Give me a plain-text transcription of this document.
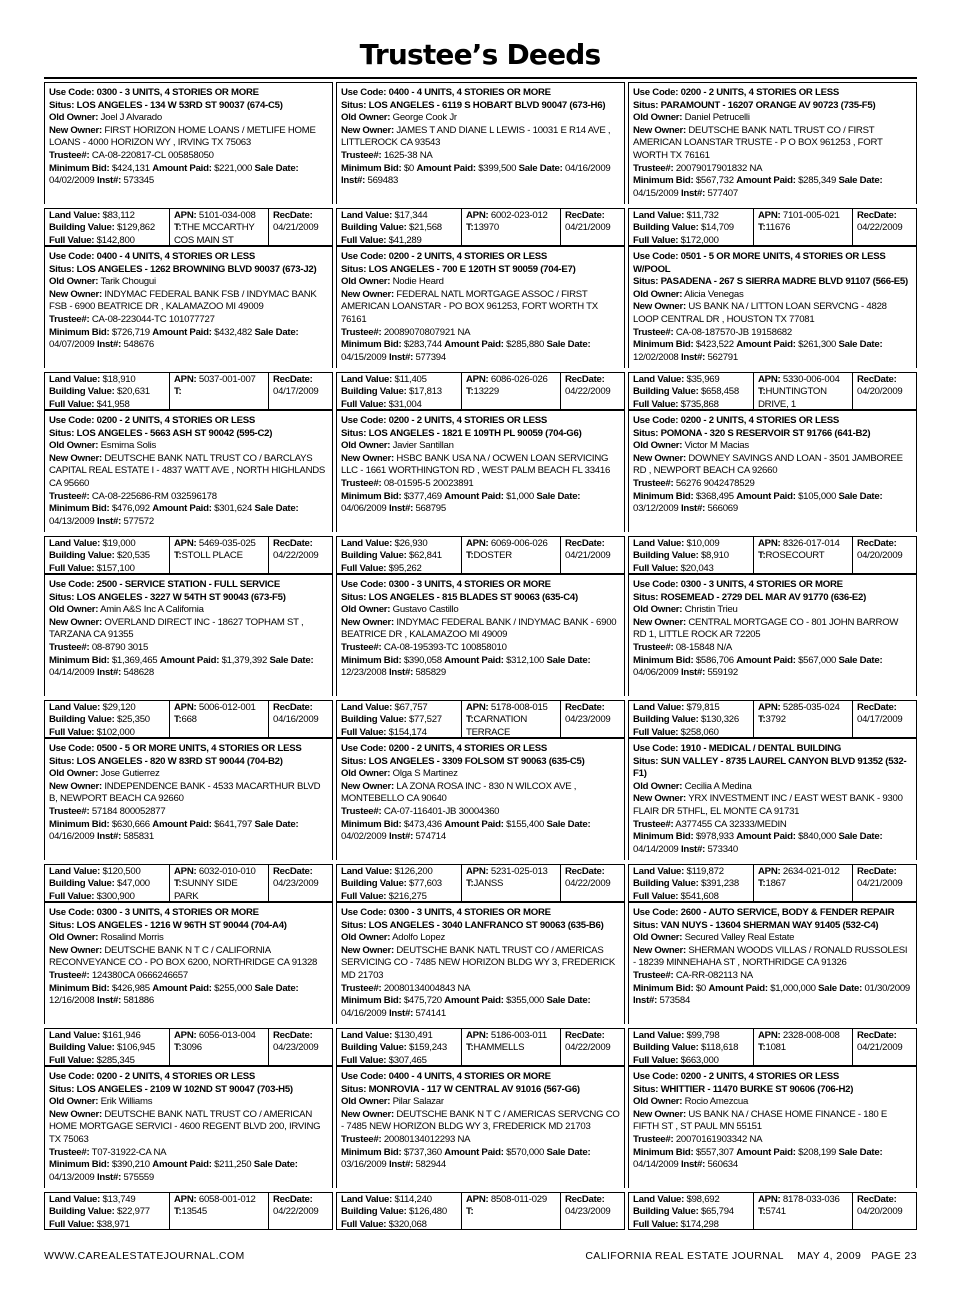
Trustee’s Deeds
Use Code: 0300 - 3 UNITS, 4 STORIES OR MORE
Situs: LOS ANGELES - 134 W 53RD ST 90037 (674-C5)
Old Owner: Joel J Alvarado
New Owner: FIRST HORIZON HOME LOANS / METLIFE HOME LOANS - 4000 HORIZON WY , IRVING TX 75063
Trustee#: CA-08-220817-CL 005858050
Minimum Bid: $424,131 Amount Paid: $221,000 Sale Date: 04/02/2009 Inst#: 573345
Land Value: $83,112
Building Value: $129,862
Full Value: $142,800
APN: 5101-034-008
T:THE MCCARTHY COS MAIN ST
RecDate:
04/21/2009
Use Code: 0400 - 4 UNITS, 4 STORIES OR MORE
Situs: LOS ANGELES - 6119 S HOBART BLVD 90047 (673-H6)
Old Owner: George Cook Jr
New Owner: JAMES T AND DIANE L LEWIS - 10031 E R14 AVE , LITTLEROCK CA 93543
Trustee#: 1625-38 NA
Minimum Bid: $0 Amount Paid: $399,500 Sale Date: 04/16/2009 Inst#: 569483
Land Value: $17,344
Building Value: $21,568
Full Value: $41,289
APN: 6002-023-012
T:13970
RecDate:
04/21/2009
Use Code: 0200 - 2 UNITS, 4 STORIES OR LESS
Situs: PARAMOUNT - 16207 ORANGE AV 90723 (735-F5)
Old Owner: Daniel Petrucelli
New Owner: DEUTSCHE BANK NATL TRUST CO / FIRST AMERICAN LOANSTAR TRUSTE - P O BOX 961253 , FORT WORTH TX 76161
Trustee#: 20079017901832 NA
Minimum Bid: $567,732 Amount Paid: $285,349 Sale Date: 04/15/2009 Inst#: 577407
Land Value: $11,732
Building Value: $14,709
Full Value: $172,000
APN: 7101-005-021
T:11676
RecDate:
04/22/2009
Use Code: 0400 - 4 UNITS, 4 STORIES OR LESS
Situs: LOS ANGELES - 1262 BROWNING BLVD 90037 (673-J2)
Old Owner: Tarik Chougui
New Owner: INDYMAC FEDERAL BANK FSB / INDYMAC BANK FSB - 6900 BEATRICE DR , KALAMAZOO MI 49009
Trustee#: CA-08-223044-TC 101077727
Minimum Bid: $726,719 Amount Paid: $432,482 Sale Date: 04/07/2009 Inst#: 548676
Land Value: $18,910
Building Value: $20,631
Full Value: $41,958
APN: 5037-001-007
T:
RecDate:
04/17/2009
Use Code: 0200 - 2 UNITS, 4 STORIES OR LESS
Situs: LOS ANGELES - 700 E 120TH ST 90059 (704-E7)
Old Owner: Nodie Heard
New Owner: FEDERAL NATL MORTGAGE ASSOC / FIRST AMERICAN LOANSTAR - PO BOX 961253, FORT WORTH TX 76161
Trustee#: 20089070807921 NA
Minimum Bid: $283,744 Amount Paid: $285,880 Sale Date: 04/15/2009 Inst#: 577394
Land Value: $11,405
Building Value: $17,813
Full Value: $31,004
APN: 6086-026-026
T:13229
RecDate:
04/22/2009
Use Code: 0501 - 5 OR MORE UNITS, 4 STORIES OR LESS W/POOL
Situs: PASADENA - 267 S SIERRA MADRE BLVD 91107 (566-E5)
Old Owner: Alicia Venegas
New Owner: US BANK NA / LITTON LOAN SERVCNG - 4828 LOOP CENTRAL DR , HOUSTON TX 77081
Trustee#: CA-08-187570-JB 19158682
Minimum Bid: $423,522 Amount Paid: $261,300 Sale Date: 12/02/2008 Inst#: 562791
Land Value: $35,969
Building Value: $658,458
Full Value: $735,868
APN: 5330-006-004
T:HUNTINGTON DRIVE, 1
RecDate:
04/20/2009
Use Code: 0200 - 2 UNITS, 4 STORIES OR LESS
Situs: LOS ANGELES - 5663 ASH ST 90042 (595-C2)
Old Owner: Esmirna Solis
New Owner: DEUTSCHE BANK NATL TRUST CO / BARCLAYS CAPITAL REAL ESTATE I - 4837 WATT AVE , NORTH HIGHLANDS CA 95660
Trustee#: CA-08-225686-RM 032596178
Minimum Bid: $476,092 Amount Paid: $301,624 Sale Date: 04/13/2009 Inst#: 577572
Land Value: $19,000
Building Value: $20,535
Full Value: $157,100
APN: 5469-035-025
T:STOLL PLACE
RecDate:
04/22/2009
Use Code: 0200 - 2 UNITS, 4 STORIES OR LESS
Situs: LOS ANGELES - 1821 E 109TH PL 90059 (704-G6)
Old Owner: Javier Santillan
New Owner: HSBC BANK USA NA / OCWEN LOAN SERVICING LLC - 1661 WORTHINGTON RD , WEST PALM BEACH FL 33416
Trustee#: 08-01595-5 20023891
Minimum Bid: $377,469 Amount Paid: $1,000 Sale Date: 04/06/2009 Inst#: 568795
Land Value: $26,930
Building Value: $62,841
Full Value: $95,262
APN: 6069-006-026
T:DOSTER
RecDate:
04/21/2009
Use Code: 0200 - 2 UNITS, 4 STORIES OR LESS
Situs: POMONA - 320 S RESERVOIR ST 91766 (641-B2)
Old Owner: Victor M Macias
New Owner: DOWNEY SAVINGS AND LOAN - 3501 JAMBOREE RD , NEWPORT BEACH CA 92660
Trustee#: 56276 9042478529
Minimum Bid: $368,495 Amount Paid: $105,000 Sale Date: 03/12/2009 Inst#: 566069
Land Value: $10,009
Building Value: $8,910
Full Value: $20,043
APN: 8326-017-014
T:ROSECOURT
RecDate:
04/20/2009
Use Code: 2500 - SERVICE STATION - FULL SERVICE
Situs: LOS ANGELES - 3227 W 54TH ST 90043 (673-F5)
Old Owner: Amin A&S Inc A California
New Owner: OVERLAND DIRECT INC - 18627 TOPHAM ST , TARZANA CA 91355
Trustee#: 08-8790 3015
Minimum Bid: $1,369,465 Amount Paid: $1,379,392 Sale Date: 04/14/2009 Inst#: 548628
Land Value: $29,120
Building Value: $25,350
Full Value: $102,000
APN: 5006-012-001
T:668
RecDate:
04/16/2009
Use Code: 0300 - 3 UNITS, 4 STORIES OR MORE
Situs: LOS ANGELES - 815 BLADES ST 90063 (635-C4)
Old Owner: Gustavo Castillo
New Owner: INDYMAC FEDERAL BANK / INDYMAC BANK - 6900 BEATRICE DR , KALAMAZOO MI 49009
Trustee#: CA-08-195393-TC 100858010
Minimum Bid: $390,058 Amount Paid: $312,100 Sale Date: 12/23/2008 Inst#: 585829
Land Value: $67,757
Building Value: $77,527
Full Value: $154,174
APN: 5178-008-015
T:CARNATION TERRACE
RecDate:
04/23/2009
Use Code: 0300 - 3 UNITS, 4 STORIES OR MORE
Situs: ROSEMEAD - 2729 DEL MAR AV 91770 (636-E2)
Old Owner: Christin Trieu
New Owner: CENTRAL MORTGAGE CO - 801 JOHN BARROW RD 1, LITTLE ROCK AR 72205
Trustee#: 08-15848 N/A
Minimum Bid: $586,706 Amount Paid: $567,000 Sale Date: 04/06/2009 Inst#: 559192
Land Value: $79,815
Building Value: $130,326
Full Value: $258,060
APN: 5285-035-024
T:3792
RecDate:
04/17/2009
Use Code: 0500 - 5 OR MORE UNITS, 4 STORIES OR LESS
Situs: LOS ANGELES - 820 W 83RD ST 90044 (704-B2)
Old Owner: Jose Gutierrez
New Owner: INDEPENDENCE BANK - 4533 MACARTHUR BLVD B, NEWPORT BEACH CA 92660
Trustee#: 57184 800052877
Minimum Bid: $630,666 Amount Paid: $641,797 Sale Date: 04/16/2009 Inst#: 585831
Land Value: $120,500
Building Value: $47,000
Full Value: $300,900
APN: 6032-010-010
T:SUNNY SIDE PARK
RecDate:
04/23/2009
Use Code: 0200 - 2 UNITS, 4 STORIES OR LESS
Situs: LOS ANGELES - 3309 FOLSOM ST 90063 (635-C5)
Old Owner: Olga S Martinez
New Owner: LA ZONA ROSA INC - 830 N WILCOX AVE , MONTEBELLO CA 90640
Trustee#: CA-07-116401-JB 30004360
Minimum Bid: $473,436 Amount Paid: $155,400 Sale Date: 04/02/2009 Inst#: 574714
Land Value: $126,200
Building Value: $77,603
Full Value: $216,275
APN: 5231-025-013
T:JANSS
RecDate:
04/22/2009
Use Code: 1910 - MEDICAL / DENTAL BUILDING
Situs: SUN VALLEY - 8735 LAUREL CANYON BLVD 91352 (532-F1)
Old Owner: Cecilia A Medina
New Owner: YRX INVESTMENT INC / EAST WEST BANK - 9300 FLAIR DR 5THFL, EL MONTE CA 91731
Trustee#: A377455 CA 32333/MEDIN
Minimum Bid: $978,933 Amount Paid: $840,000 Sale Date: 04/14/2009 Inst#: 573340
Land Value: $119,872
Building Value: $391,238
Full Value: $541,608
APN: 2634-021-012
T:1867
RecDate:
04/21/2009
Use Code: 0300 - 3 UNITS, 4 STORIES OR MORE
Situs: LOS ANGELES - 1216 W 96TH ST 90044 (704-A4)
Old Owner: Rosalind Morris
New Owner: DEUTSCHE BANK N T C / CALIFORNIA RECONVEYANCE CO - PO BOX 6200, NORTHRIDGE CA 91328
Trustee#: 124380CA 0666246657
Minimum Bid: $426,985 Amount Paid: $255,000 Sale Date: 12/16/2008 Inst#: 581886
Land Value: $161,946
Building Value: $106,945
Full Value: $285,345
APN: 6056-013-004
T:3096
RecDate:
04/23/2009
Use Code: 0300 - 3 UNITS, 4 STORIES OR MORE
Situs: LOS ANGELES - 3040 LANFRANCO ST 90063 (635-B6)
Old Owner: Adolfo Lopez
New Owner: DEUTSCHE BANK NATL TRUST CO / AMERICAS SERVICING CO - 7485 NEW HORIZON BLDG WY 3, FREDERICK MD 21703
Trustee#: 20080134004843 NA
Minimum Bid: $475,720 Amount Paid: $355,000 Sale Date: 04/16/2009 Inst#: 574141
Land Value: $130,491
Building Value: $159,243
Full Value: $307,465
APN: 5186-003-011
T:HAMMELLS
RecDate:
04/22/2009
Use Code: 2600 - AUTO SERVICE, BODY & FENDER REPAIR
Situs: VAN NUYS - 13604 SHERMAN WAY 91405 (532-C4)
Old Owner: Secured Valley Real Estate
New Owner: SHERMAN WOODS VILLAS / RONALD RUSSOLESI - 18239 MINNEHAHA ST , NORTHRIDGE CA 91326
Trustee#: CA-RR-082113 NA
Minimum Bid: $0 Amount Paid: $1,000,000 Sale Date: 01/30/2009 Inst#: 573584
Land Value: $99,798
Building Value: $118,618
Full Value: $663,000
APN: 2328-008-008
T:1081
RecDate:
04/21/2009
Use Code: 0200 - 2 UNITS, 4 STORIES OR LESS
Situs: LOS ANGELES - 2109 W 102ND ST 90047 (703-H5)
Old Owner: Erik Williams
New Owner: DEUTSCHE BANK NATL TRUST CO / AMERICAN HOME MORTGAGE SERVICI - 4600 REGENT BLVD 200, IRVING TX 75063
Trustee#: T07-31922-CA NA
Minimum Bid: $390,210 Amount Paid: $211,250 Sale Date: 04/13/2009 Inst#: 575559
Land Value: $13,749
Building Value: $22,977
Full Value: $38,971
APN: 6058-001-012
T:13545
RecDate:
04/22/2009
Use Code: 0400 - 4 UNITS, 4 STORIES OR MORE
Situs: MONROVIA - 117 W CENTRAL AV 91016 (567-G6)
Old Owner: Pilar Salazar
New Owner: DEUTSCHE BANK N T C / AMERICAS SERVCNG CO - 7485 NEW HORIZON BLDG WY 3, FREDERICK MD 21703
Trustee#: 20080134012293 NA
Minimum Bid: $737,360 Amount Paid: $570,000 Sale Date: 03/16/2009 Inst#: 582944
Land Value: $114,240
Building Value: $126,480
Full Value: $320,068
APN: 8508-011-029
T:
RecDate:
04/23/2009
Use Code: 0200 - 2 UNITS, 4 STORIES OR LESS
Situs: WHITTIER - 11470 BURKE ST 90606 (706-H2)
Old Owner: Rocio Amezcua
New Owner: US BANK NA / CHASE HOME FINANCE - 180 E FIFTH ST , ST PAUL MN 55151
Trustee#: 20070161903342 NA
Minimum Bid: $557,307 Amount Paid: $208,199 Sale Date: 04/14/2009 Inst#: 560634
Land Value: $98,692
Building Value: $65,794
Full Value: $174,298
APN: 8178-033-036
T:5741
RecDate:
04/20/2009
WWW.CAREALESTATEJOURNAL.COM	CALIFORNIA REAL ESTATE JOURNAL MAY 4, 2009 PAGE 23
